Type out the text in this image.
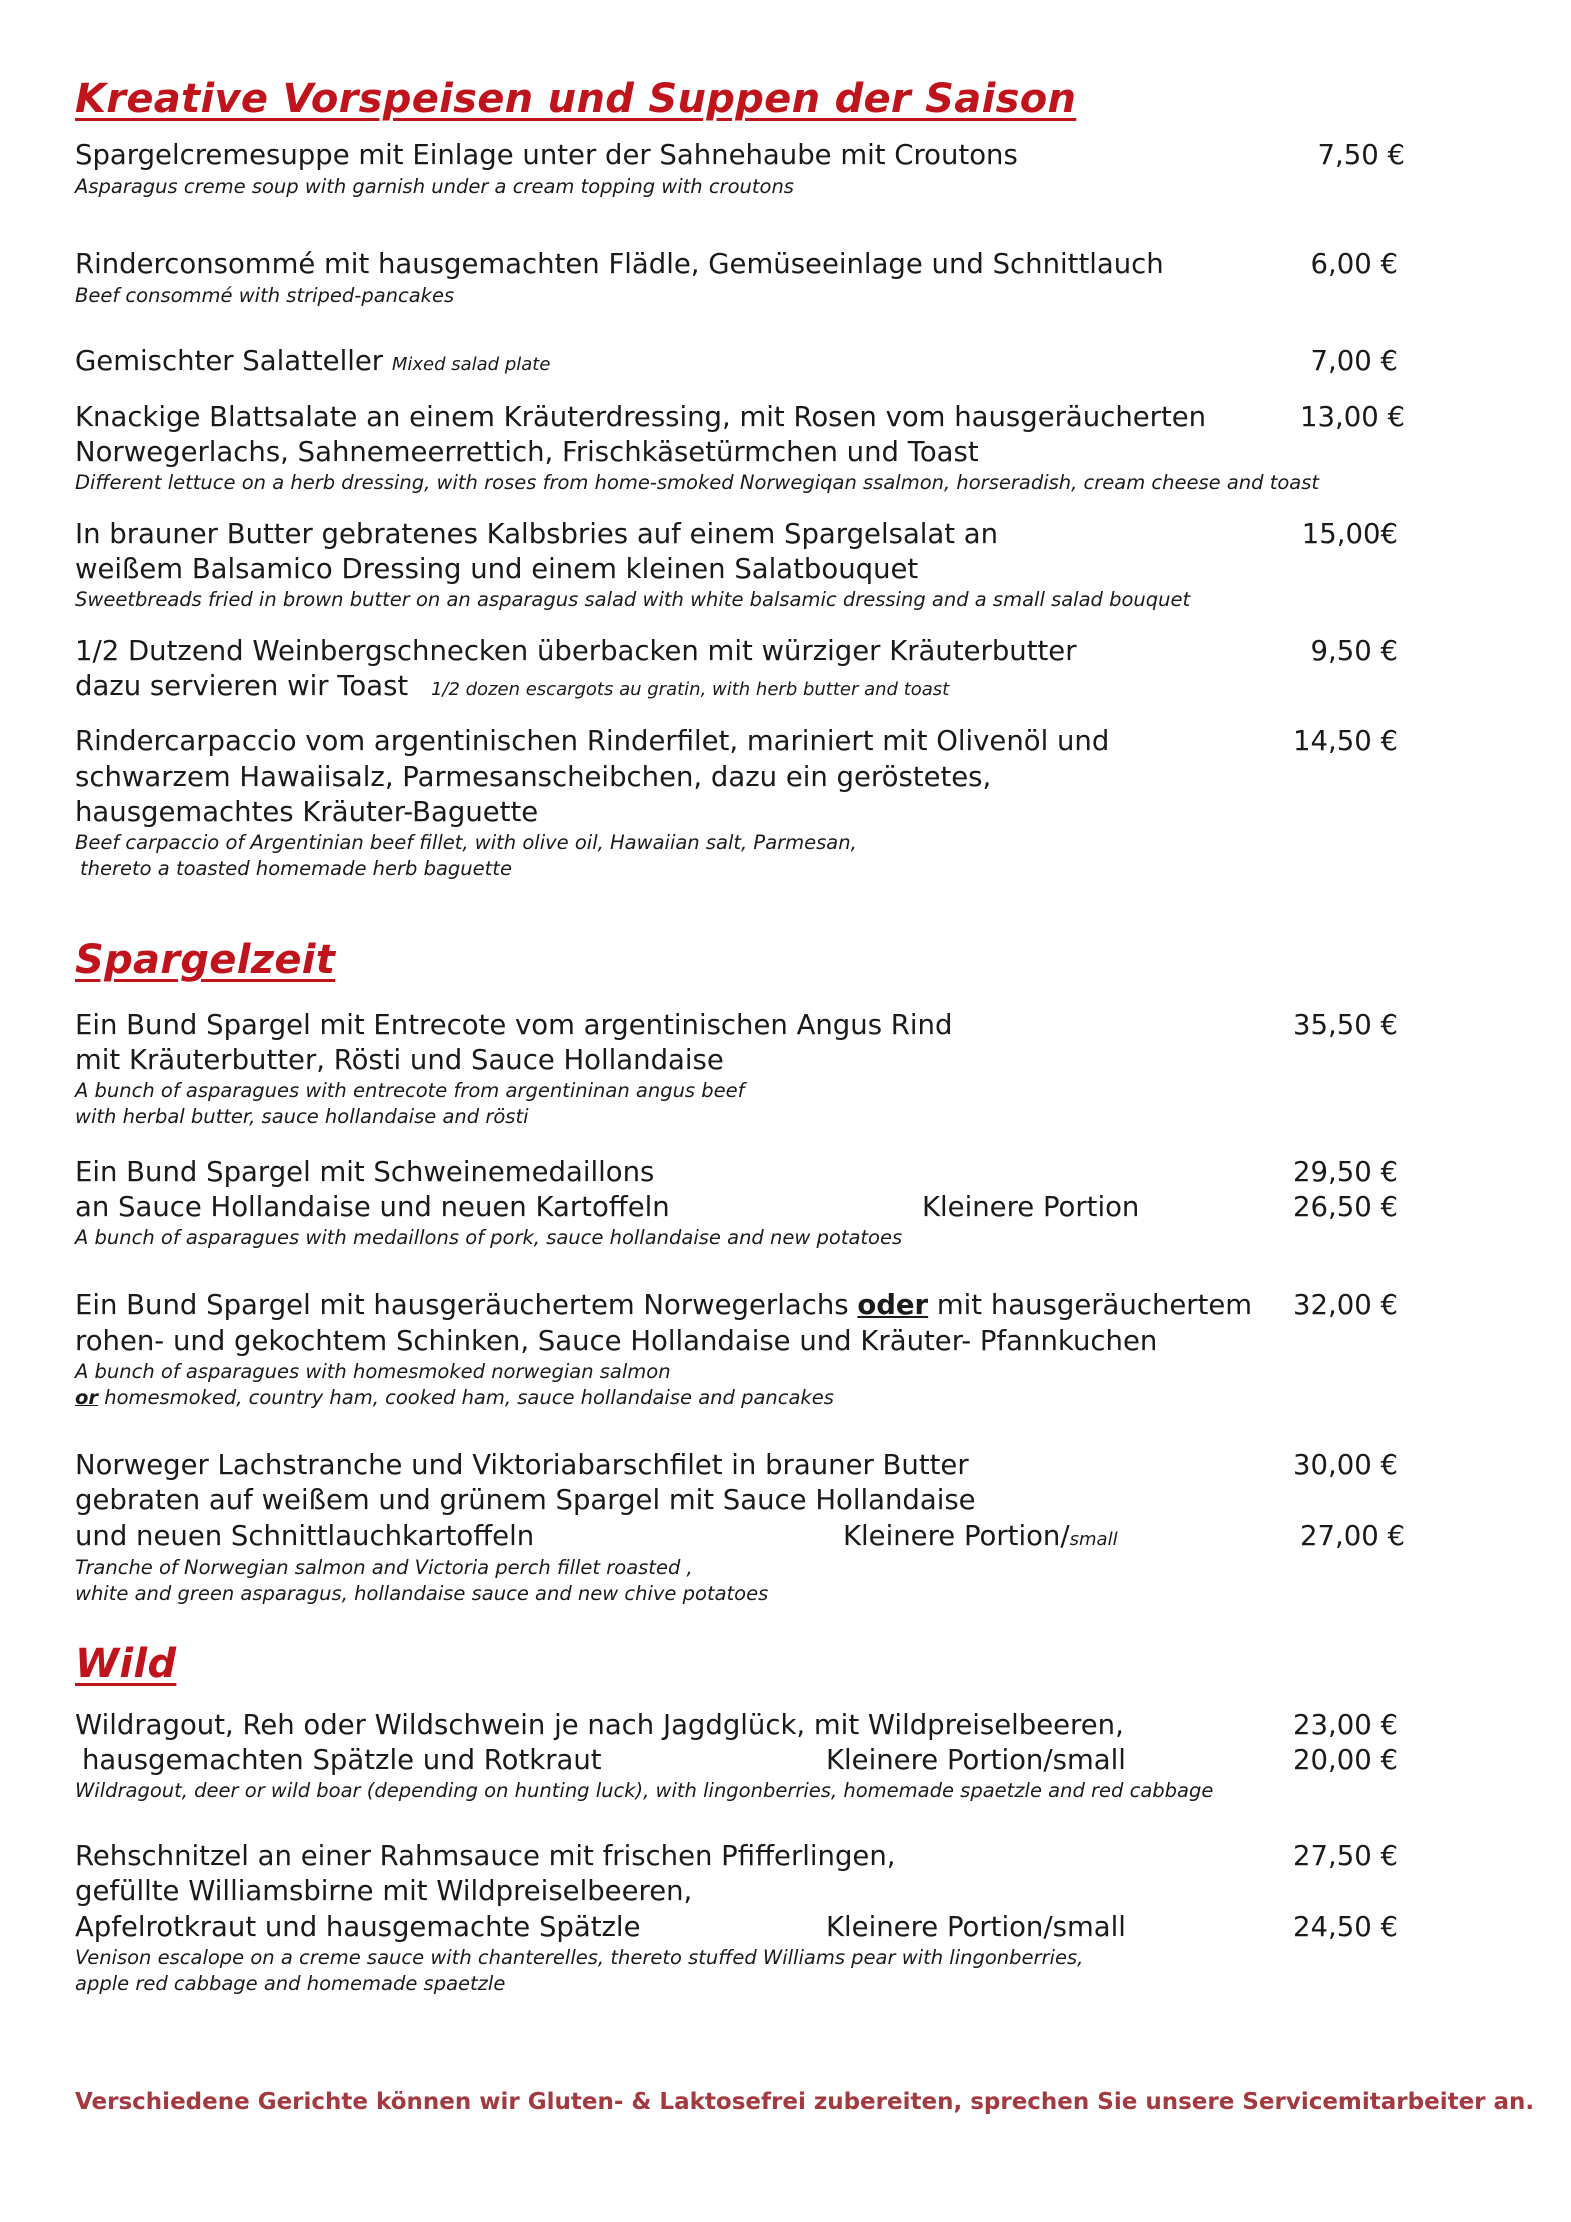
Kreative Vorspeisen und Suppen der Saison
Spargelcremesuppe mit Einlage unter der Sahnehaube mit Croutons
Asparagus creme soup with garnish under a cream topping with croutons
7,50 €
Rinderconsommé mit hausgemachten Flädle, Gemüseeinlage und Schnittlauch
Beef consommé with striped-pancakes
6,00 €
Gemischter Salatteller Mixed salad plate	7,00 €
Knackige Blattsalate an einem Kräuterdressing, mit Rosen vom hausgeräucherten
Norwegerlachs, Sahnemeerrettich, Frischkäsetürmchen und Toast
Different lettuce on a herb dressing, with roses from home-smoked Norwegiqan ssalmon, horseradish, cream cheese and toast
13,00 €
In brauner Butter gebratenes Kalbsbries auf einem Spargelsalat an
weißem Balsamico Dressing und einem kleinen Salatbouquet
Sweetbreads fried in brown butter on an asparagus salad with white balsamic dressing and a small salad bouquet
15,00€
1/2 Dutzend Weinbergschnecken überbacken mit würziger Kräuterbutter
dazu servieren wir Toast 1/2 dozen escargots au gratin, with herb butter and toast
9,50 €
Rindercarpaccio vom argentinischen Rinderfilet, mariniert mit Olivenöl und
schwarzem Hawaiisalz, Parmesanscheibchen, dazu ein geröstetes,
hausgemachtes Kräuter-Baguette
Beef carpaccio of Argentinian beef fillet, with olive oil, Hawaiian salt, Parmesan,
thereto a toasted homemade herb baguette
14,50 €
Spargelzeit
Ein Bund Spargel mit Entrecote vom argentinischen Angus Rind
mit Kräuterbutter, Rösti und Sauce Hollandaise
A bunch of asparagues with entrecote from argentininan angus beef
with herbal butter, sauce hollandaise and rösti
35,50 €
Ein Bund Spargel mit Schweinemedaillons
an Sauce Hollandaise und neuen Kartoffeln	Kleinere Portion
A bunch of asparagues with medaillons of pork, sauce hollandaise and new potatoes
29,50 €
26,50 €
Ein Bund Spargel mit hausgeräuchertem Norwegerlachs oder mit hausgeräuchertem
rohen- und gekochtem Schinken, Sauce Hollandaise und Kräuter- Pfannkuchen
A bunch of asparagues with homesmoked norwegian salmon
or homesmoked, country ham, cooked ham, sauce hollandaise and pancakes
32,00 €
Norweger Lachstranche und Viktoriabarschfilet in brauner Butter
gebraten auf weißem und grünem Spargel mit Sauce Hollandaise
und neuen Schnittlauchkartoffeln	Kleinere Portion/small
Tranche of Norwegian salmon and Victoria perch fillet roasted ,
white and green asparagus, hollandaise sauce and new chive potatoes
30,00 €
27,00 €
Wild
Wildragout, Reh oder Wildschwein je nach Jagdglück, mit Wildpreiselbeeren,
hausgemachten Spätzle und Rotkraut	Kleinere Portion/small
Wildragout, deer or wild boar (depending on hunting luck), with lingonberries, homemade spaetzle and red cabbage
23,00 €
20,00 €
Rehschnitzel an einer Rahmsauce mit frischen Pfifferlingen,
gefüllte Williamsbirne mit Wildpreiselbeeren,
Apfelrotkraut und hausgemachte Spätzle	Kleinere Portion/small
Venison escalope on a creme sauce with chanterelles, thereto stuffed Williams pear with lingonberries,
apple red cabbage and homemade spaetzle
27,50 €
24,50 €
Verschiedene Gerichte können wir Gluten- & Laktosefrei zubereiten, sprechen Sie unsere Servicemitarbeiter an.
